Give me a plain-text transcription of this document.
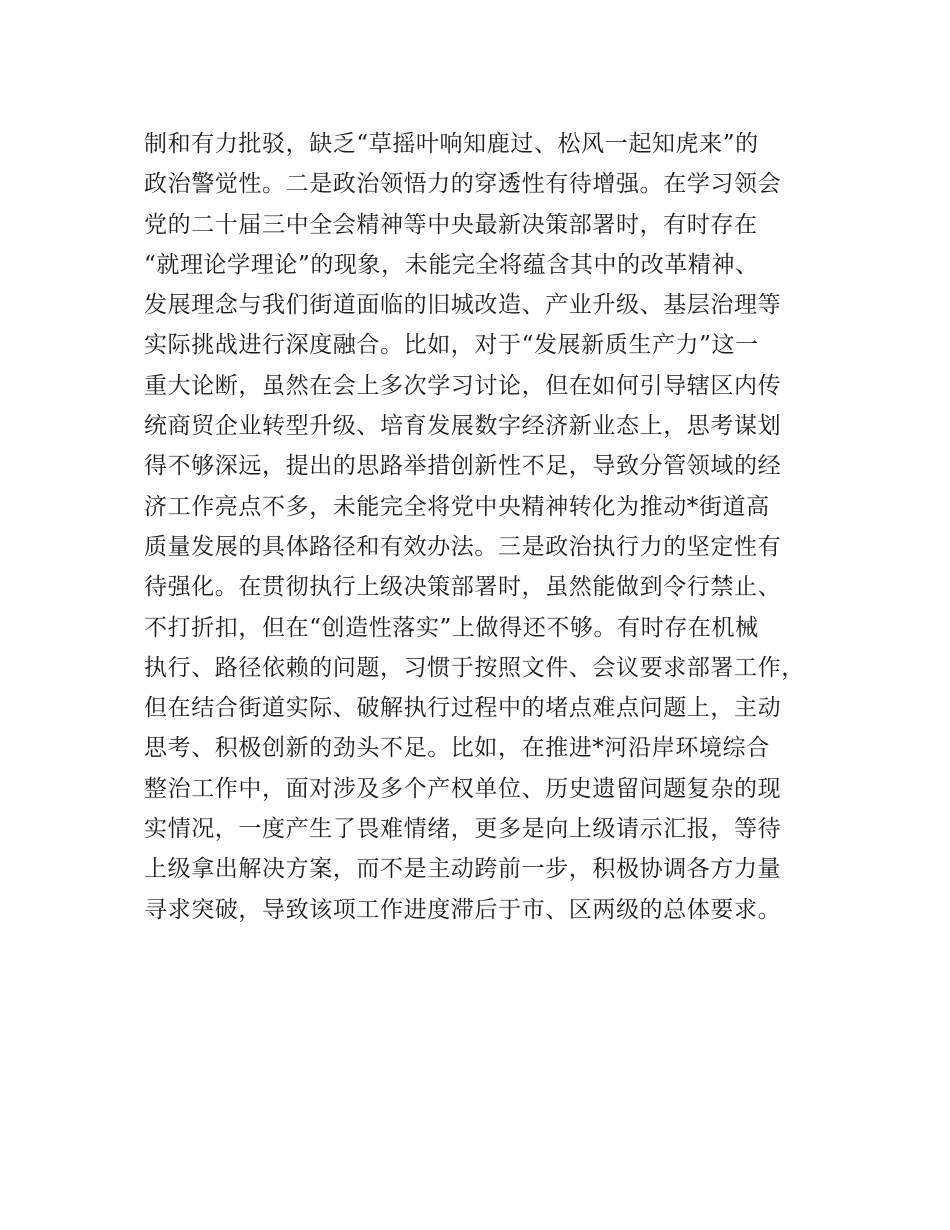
制和有力批驳，缺乏“草摇叶响知鹿过、松风一起知虎来”的
政治警觉性。二是政治领悟力的穿透性有待增强。在学习领会
党的二十届三中全会精神等中央最新决策部署时，有时存在
“就理论学理论”的现象，未能完全将蕴含其中的改革精神、
发展理念与我们街道面临的旧城改造、产业升级、基层治理等
实际挑战进行深度融合。比如，对于“发展新质生产力”这一
重大论断，虽然在会上多次学习讨论，但在如何引导辖区内传
统商贸企业转型升级、培育发展数字经济新业态上，思考谋划
得不够深远，提出的思路举措创新性不足，导致分管领域的经
济工作亮点不多，未能完全将党中央精神转化为推动*街道高
质量发展的具体路径和有效办法。三是政治执行力的坚定性有
待强化。在贯彻执行上级决策部署时，虽然能做到令行禁止、
不打折扣，但在“创造性落实”上做得还不够。有时存在机械
执行、路径依赖的问题，习惯于按照文件、会议要求部署工作，
但在结合街道实际、破解执行过程中的堵点难点问题上，主动
思考、积极创新的劲头不足。比如，在推进*河沿岸环境综合
整治工作中，面对涉及多个产权单位、历史遗留问题复杂的现
实情况，一度产生了畏难情绪，更多是向上级请示汇报，等待
上级拿出解决方案，而不是主动跨前一步，积极协调各方力量
寻求突破，导致该项工作进度滞后于市、区两级的总体要求。
